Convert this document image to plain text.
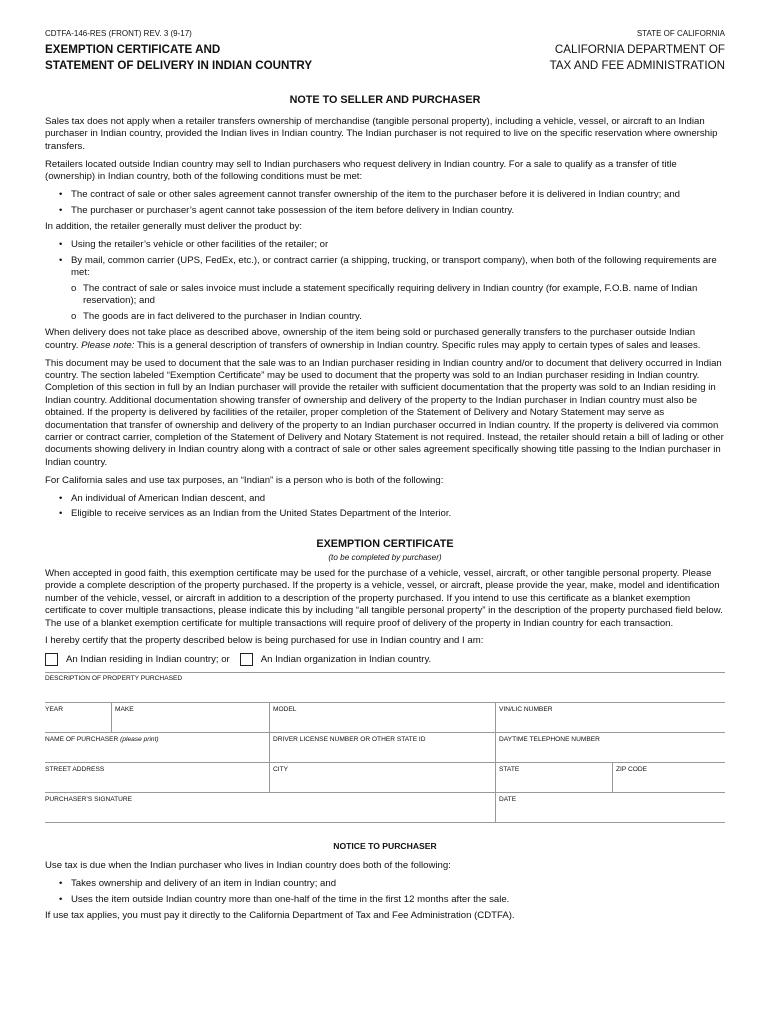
CDTFA-146-RES (FRONT) REV. 3 (9-17)
EXEMPTION CERTIFICATE AND
STATEMENT OF DELIVERY IN INDIAN COUNTRY
STATE OF CALIFORNIA
CALIFORNIA DEPARTMENT OF
TAX AND FEE ADMINISTRATION
NOTE TO SELLER AND PURCHASER

Sales tax does not apply when a retailer transfers ownership of merchandise (tangible personal property), including a vehicle, vessel, or aircraft to an Indian purchaser in Indian country, provided the Indian lives in Indian country. The Indian purchaser is not required to live on the specific reservation where ownership transfers.

Retailers located outside Indian country may sell to Indian purchasers who request delivery in Indian country. For a sale to qualify as a transfer of title (ownership) in Indian country, both of the following conditions must be met:

• The contract of sale or other sales agreement cannot transfer ownership of the item to the purchaser before it is delivered in Indian country; and
• The purchaser or purchaser’s agent cannot take possession of the item before delivery in Indian country.

In addition, the retailer generally must deliver the product by:

• Using the retailer’s vehicle or other facilities of the retailer; or
• By mail, common carrier (UPS, FedEx, etc.), or contract carrier (a shipping, trucking, or transport company), when both of the following requirements are met:
o The contract of sale or sales invoice must include a statement specifically requiring delivery in Indian country (for example, F.O.B. name of Indian reservation); and
o The goods are in fact delivered to the purchaser in Indian country.

When delivery does not take place as described above, ownership of the item being sold or purchased generally transfers to the purchaser outside Indian country. Please note: This is a general description of transfers of ownership in Indian country. Specific rules may apply to certain types of sales and leases.

This document may be used to document that the sale was to an Indian purchaser residing in Indian country and/or to document that delivery occurred in Indian country. The section labeled “Exemption Certificate” may be used to document that the property was sold to an Indian purchaser residing in Indian country. Completion of this section in full by an Indian purchaser will provide the retailer with sufficient documentation that the property was sold to an Indian residing in Indian country. Additional documentation showing transfer of ownership and delivery of the property to the Indian purchaser in Indian country must also be obtained. If the property is delivered by facilities of the retailer, proper completion of the Statement of Delivery and Notary Statement may serve as documentation that transfer of ownership and delivery of the property to an Indian purchaser occurred in Indian country. If the property is delivered via common carrier or contract carrier, completion of the Statement of Delivery and Notary Statement is not required. Instead, the retailer should retain a bill of lading or other documents showing delivery in Indian country along with a contract of sale or other sales agreement specifically showing title passing to the Indian purchaser in Indian country.

For California sales and use tax purposes, an “Indian” is a person who is both of the following:

• An individual of American Indian descent, and
• Eligible to receive services as an Indian from the United States Department of the Interior.
EXEMPTION CERTIFICATE
(to be completed by purchaser)

When accepted in good faith, this exemption certificate may be used for the purchase of a vehicle, vessel, aircraft, or other tangible personal property. Please provide a complete description of the property purchased. If the property is a vehicle, vessel, or aircraft, please provide the year, make, model and identification number of the vehicle, vessel, or aircraft in addition to a description of the property purchased. If you intend to use this certificate as a blanket exemption certificate to cover multiple transactions, please indicate this by including “all tangible personal property” in the description of the property purchased field below. The use of a blanket exemption certificate for multiple transactions will require proof of delivery of the property in Indian country for each transaction.

I hereby certify that the property described below is being purchased for use in Indian country and I am:

An Indian residing in Indian country; or	An Indian organization in Indian country.
DESCRIPTION OF PROPERTY PURCHASED
YEAR	MAKE	MODEL	VIN/LIC NUMBER
NAME OF PURCHASER (please print)	DRIVER LICENSE NUMBER OR OTHER STATE ID	DAYTIME TELEPHONE NUMBER
STREET ADDRESS	CITY	STATE	ZIP CODE
PURCHASER’S SIGNATURE	DATE
NOTICE TO PURCHASER

Use tax is due when the Indian purchaser who lives in Indian country does both of the following:

• Takes ownership and delivery of an item in Indian country; and
• Uses the item outside Indian country more than one-half of the time in the first 12 months after the sale.

If use tax applies, you must pay it directly to the California Department of Tax and Fee Administration (CDTFA).
